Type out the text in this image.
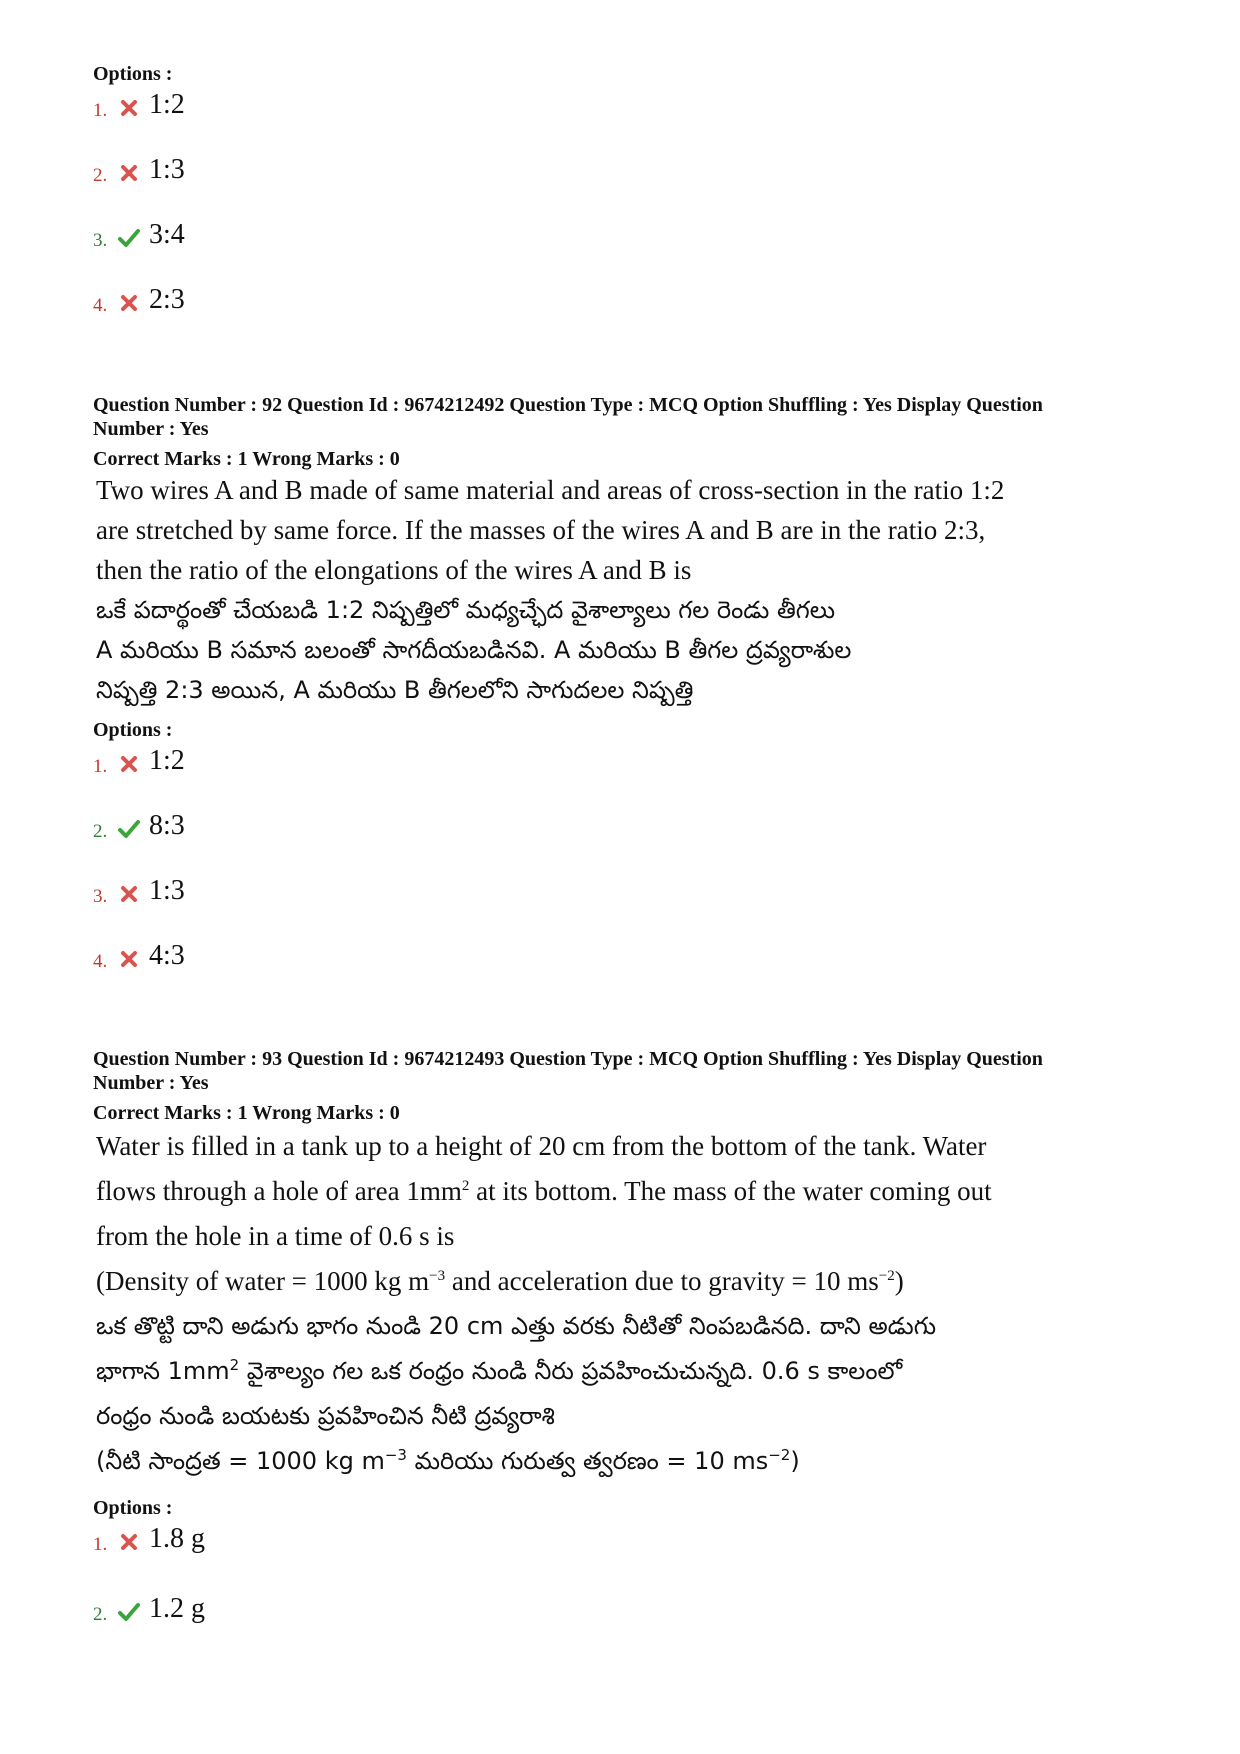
Options :
1.	1:2
2.	1:3
3.	3:4
4.	2:3
Question Number : 92 Question Id : 9674212492 Question Type : MCQ Option Shuffling : Yes Display Question
Number : Yes
Correct Marks : 1 Wrong Marks : 0

Two wires A and B made of same material and areas of cross-section in the ratio 1:2

are stretched by same force. If the masses of the wires A and B are in the ratio 2:3,

then the ratio of the elongations of the wires A and B is

ఒకే పదార్థంతో చేయబడి 1:2 నిష్పత్తిలో మధ్యచ్ఛేద వైశాల్యాలు గల రెండు తీగలు

A మరియు B సమాన బలంతో సాగదీయబడినవి. A మరియు B తీగల ద్రవ్యరాశుల

నిష్పత్తి 2:3 అయిన, A మరియు B తీగలలోని సాగుదలల నిష్పత్తి

Options :
1.	1:2
2.	8:3
3.	1:3
4.	4:3
Question Number : 93 Question Id : 9674212493 Question Type : MCQ Option Shuffling : Yes Display Question
Number : Yes
Correct Marks : 1 Wrong Marks : 0

Water is filled in a tank up to a height of 20 cm from the bottom of the tank. Water

flows through a hole of area $1mm^2$ at its bottom. The mass of the water coming out

from the hole in a time of 0.6 s is

(Density of water = 1000 kg $m^{-3}$ and acceleration due to gravity = 10 $ms^{-2}$)

ఒక తొట్టి దాని అడుగు భాగం నుండి 20 cm ఎత్తు వరకు నీటితో నింపబడినది. దాని అడుగు

భాగాన $1mm^2$ వైశాల్యం గల ఒక రంధ్రం నుండి నీరు ప్రవహించుచున్నది. 0.6 s కాలంలో

రంధ్రం నుండి బయటకు ప్రవహించిన నీటి ద్రవ్యరాశి

(నీటి సాంద్రత = 1000 kg $m^{-3}$ మరియు గురుత్వ త్వరణం = 10 $ms^{-2}$)

Options :
1.	1.8 g
2.	1.2 g
